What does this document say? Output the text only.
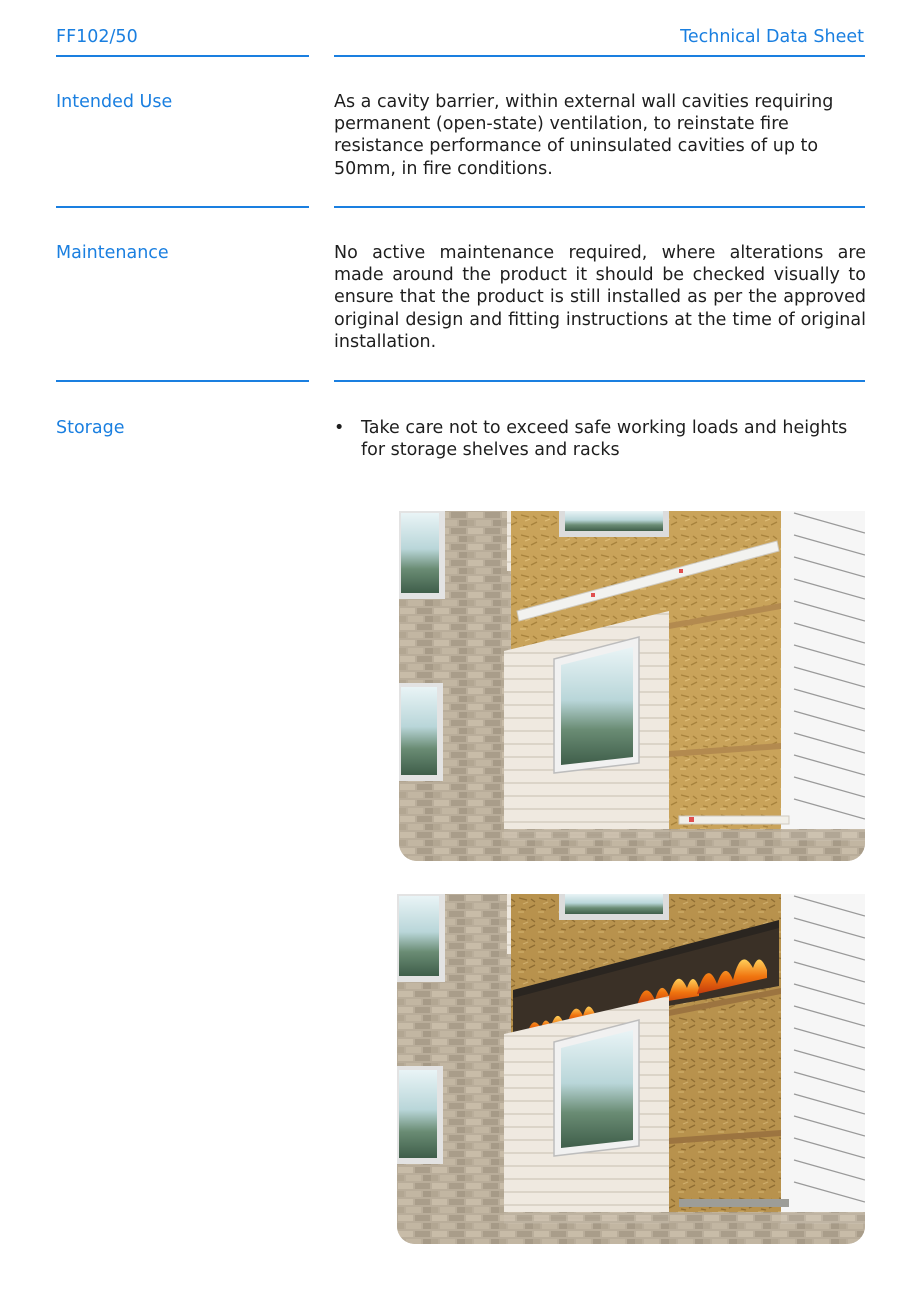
FF102/50	Technical Data Sheet
Intended Use	As a cavity barrier, within external wall cavities requiring permanent (open-state) ventilation, to reinstate fire resistance performance of uninsulated cavities of up to 50mm, in fire conditions.
Maintenance	No active maintenance required, where alterations are made around the product it should be checked visually to ensure that the product is still installed as per the approved original design and fitting instructions at the time of original installation.
Storage	• Take care not to exceed safe working loads and heights for storage shelves and racks
